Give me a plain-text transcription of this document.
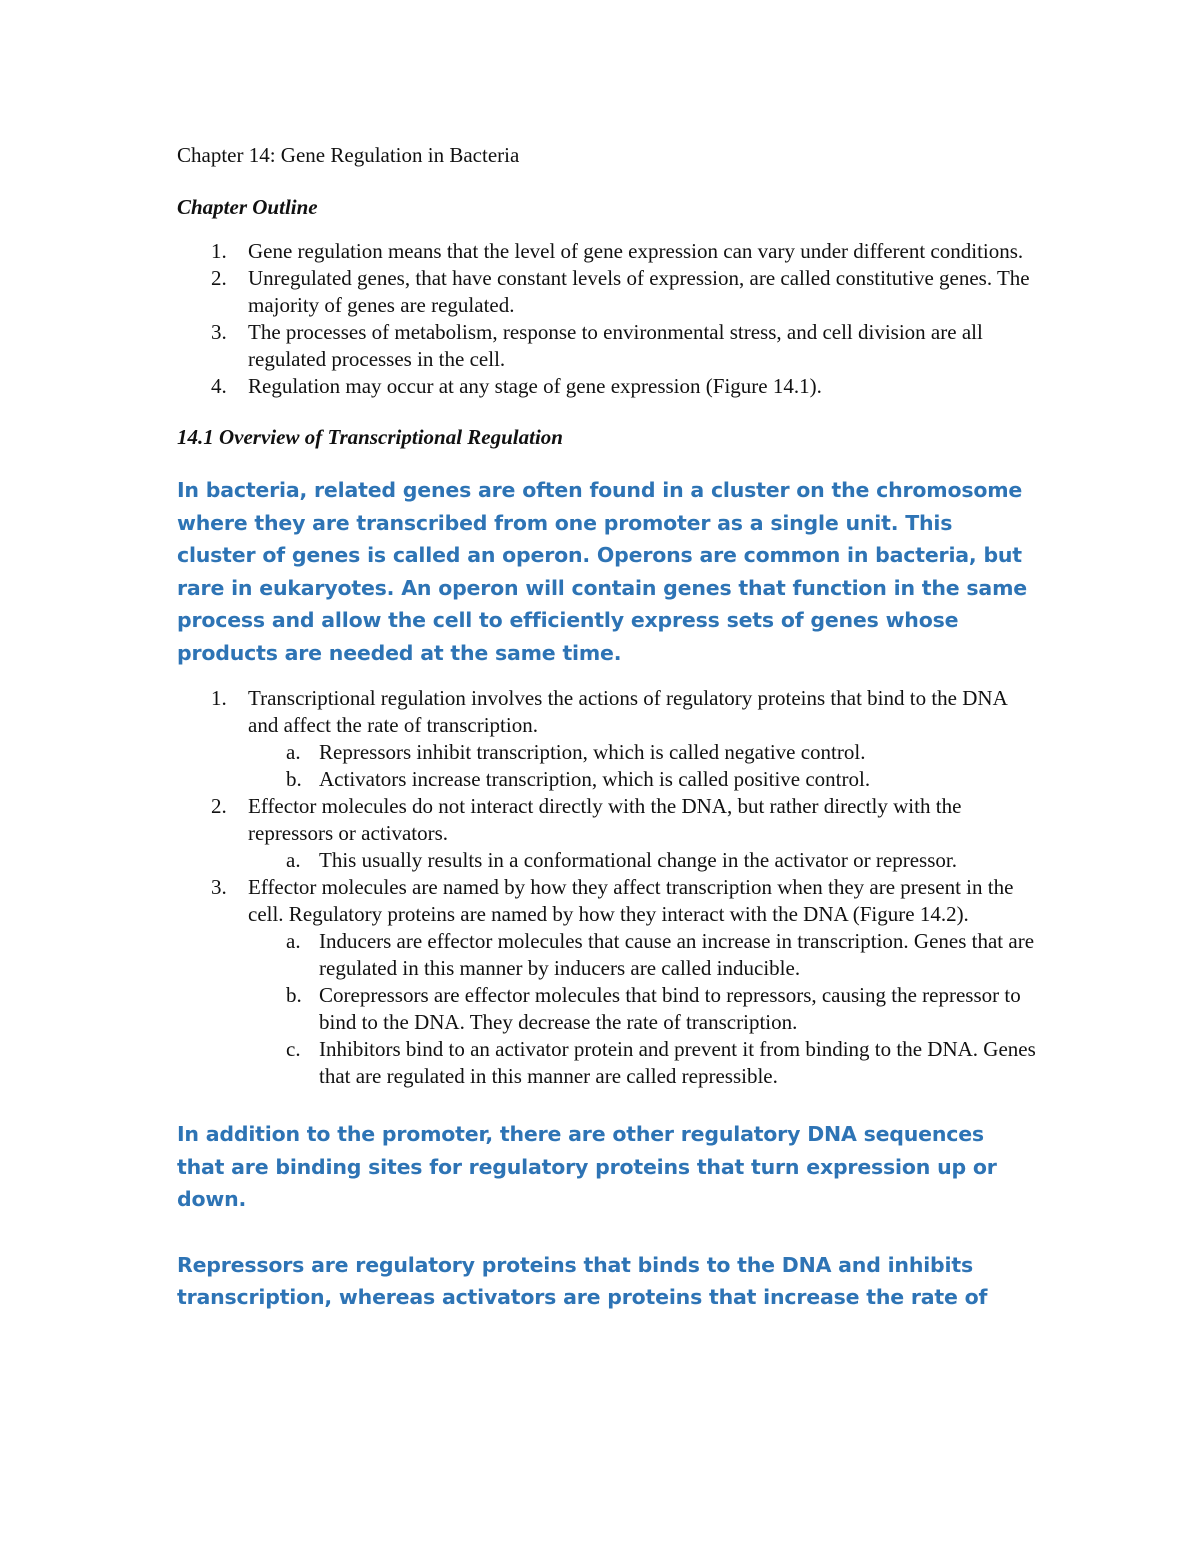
Chapter 14: Gene Regulation in Bacteria
Chapter Outline
1. Gene regulation means that the level of gene expression can vary under different conditions.
2. Unregulated genes, that have constant levels of expression, are called constitutive genes. The majority of genes are regulated.
3. The processes of metabolism, response to environmental stress, and cell division are all regulated processes in the cell.
4. Regulation may occur at any stage of gene expression (Figure 14.1).
14.1 Overview of Transcriptional Regulation

In bacteria, related genes are often found in a cluster on the chromosome where they are transcribed from one promoter as a single unit. This cluster of genes is called an operon. Operons are common in bacteria, but rare in eukaryotes. An operon will contain genes that function in the same process and allow the cell to efficiently express sets of genes whose products are needed at the same time.

1. Transcriptional regulation involves the actions of regulatory proteins that bind to the DNA and affect the rate of transcription.
a. Repressors inhibit transcription, which is called negative control.
b. Activators increase transcription, which is called positive control.
2. Effector molecules do not interact directly with the DNA, but rather directly with the repressors or activators.
a. This usually results in a conformational change in the activator or repressor.
3. Effector molecules are named by how they affect transcription when they are present in the cell. Regulatory proteins are named by how they interact with the DNA (Figure 14.2).
a. Inducers are effector molecules that cause an increase in transcription. Genes that are regulated in this manner by inducers are called inducible.
b. Corepressors are effector molecules that bind to repressors, causing the repressor to bind to the DNA. They decrease the rate of transcription.
c. Inhibitors bind to an activator protein and prevent it from binding to the DNA. Genes that are regulated in this manner are called repressible.

In addition to the promoter, there are other regulatory DNA sequences that are binding sites for regulatory proteins that turn expression up or down.

Repressors are regulatory proteins that binds to the DNA and inhibits transcription, whereas activators are proteins that increase the rate of
